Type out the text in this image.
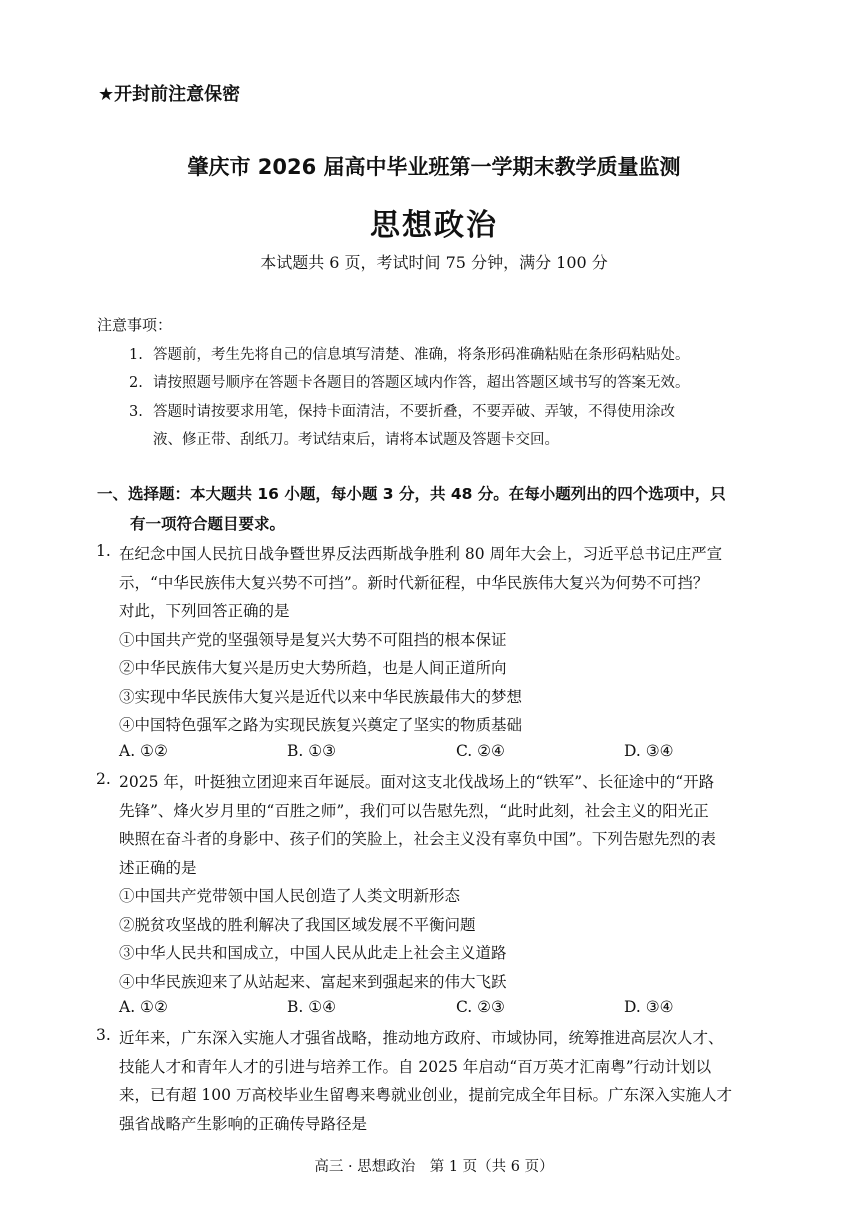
★开封前注意保密
肇庆市 2026 届高中毕业班第一学期末教学质量监测
思想政治
本试题共 6 页，考试时间 75 分钟，满分 100 分
注意事项：
1. 答题前，考生先将自己的信息填写清楚、准确，将条形码准确粘贴在条形码粘贴处。
2. 请按照题号顺序在答题卡各题目的答题区域内作答，超出答题区域书写的答案无效。
3. 答题时请按要求用笔，保持卡面清洁，不要折叠，不要弄破、弄皱，不得使用涂改
液、修正带、刮纸刀。考试结束后，请将本试题及答题卡交回。
一、选择题：本大题共 16 小题，每小题 3 分，共 48 分。在每小题列出的四个选项中，只
有一项符合题目要求。
1. 在纪念中国人民抗日战争暨世界反法西斯战争胜利 80 周年大会上，习近平总书记庄严宣
示，“中华民族伟大复兴势不可挡”。新时代新征程，中华民族伟大复兴为何势不可挡？
对此，下列回答正确的是
①中国共产党的坚强领导是复兴大势不可阻挡的根本保证
②中华民族伟大复兴是历史大势所趋，也是人间正道所向
③实现中华民族伟大复兴是近代以来中华民族最伟大的梦想
④中国特色强军之路为实现民族复兴奠定了坚实的物质基础
A. ①②	B. ①③	C. ②④	D. ③④
2. 2025 年，叶挺独立团迎来百年诞辰。面对这支北伐战场上的“铁军”、长征途中的“开路
先锋”、烽火岁月里的“百胜之师”，我们可以告慰先烈，“此时此刻，社会主义的阳光正
映照在奋斗者的身影中、孩子们的笑脸上，社会主义没有辜负中国”。下列告慰先烈的表
述正确的是
①中国共产党带领中国人民创造了人类文明新形态
②脱贫攻坚战的胜利解决了我国区域发展不平衡问题
③中华人民共和国成立，中国人民从此走上社会主义道路
④中华民族迎来了从站起来、富起来到强起来的伟大飞跃
A. ①②	B. ①④	C. ②③	D. ③④
3. 近年来，广东深入实施人才强省战略，推动地方政府、市域协同，统筹推进高层次人才、
技能人才和青年人才的引进与培养工作。自 2025 年启动“百万英才汇南粤”行动计划以
来，已有超 100 万高校毕业生留粤来粤就业创业，提前完成全年目标。广东深入实施人才
强省战略产生影响的正确传导路径是
高三 · 思想政治　第 1 页（共 6 页）
